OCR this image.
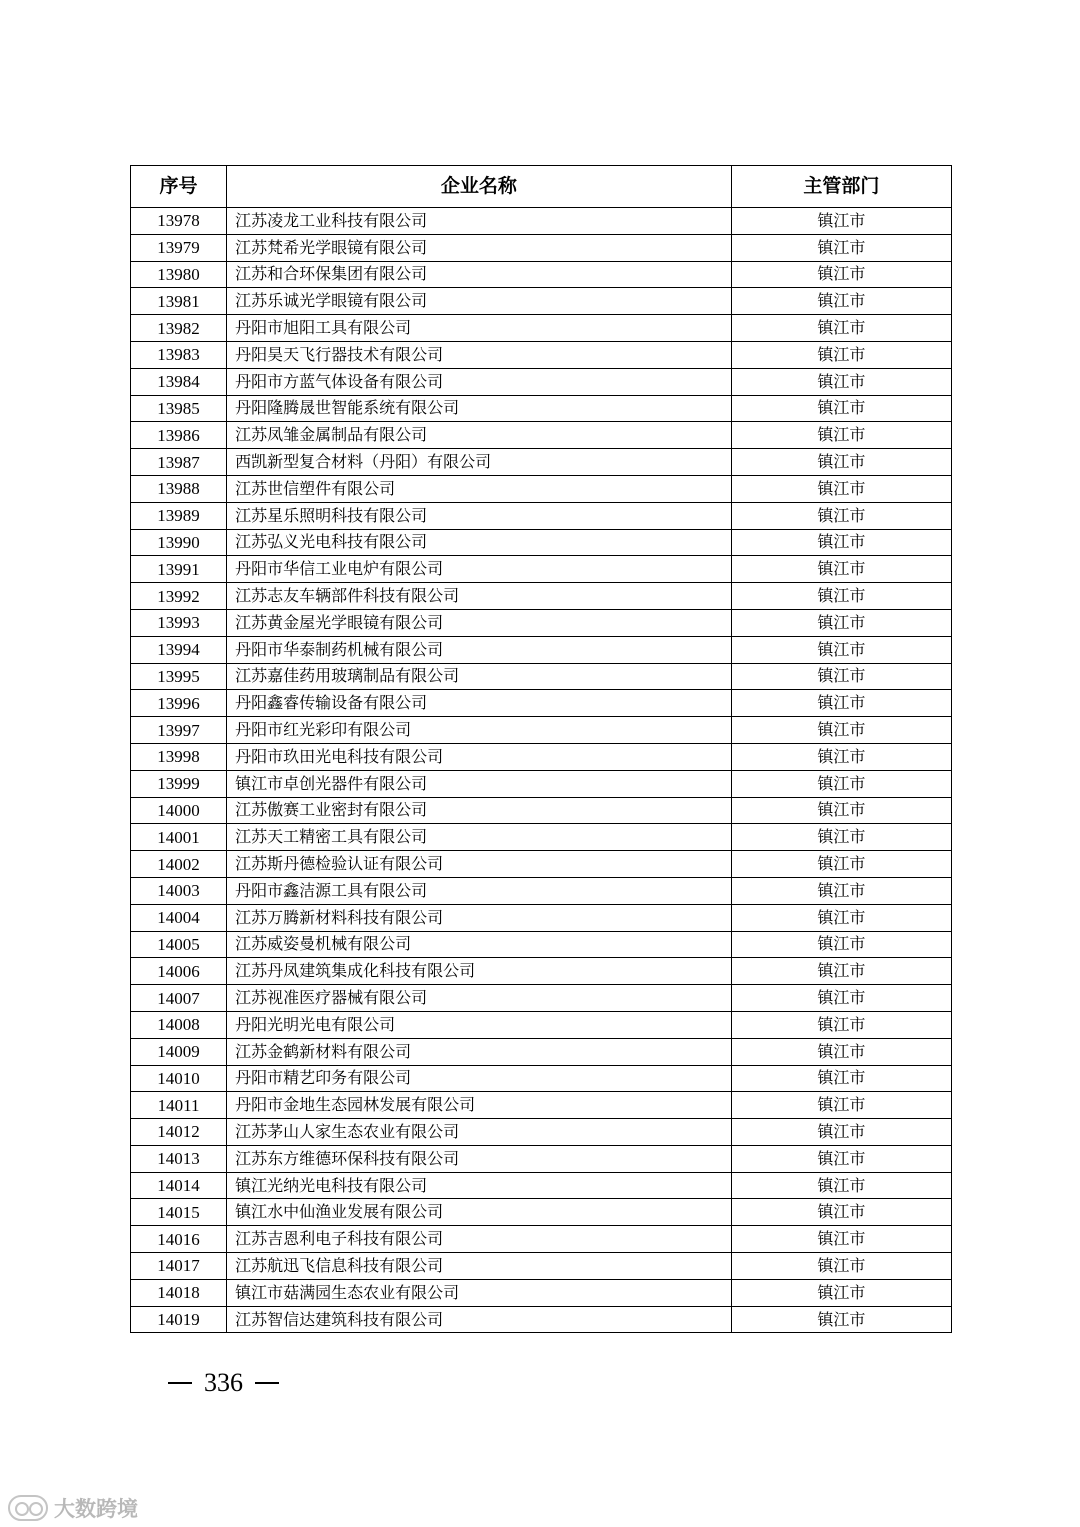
序号	企业名称	主管部门
13978	江苏凌龙工业科技有限公司	镇江市
13979	江苏梵希光学眼镜有限公司	镇江市
13980	江苏和合环保集团有限公司	镇江市
13981	江苏乐诚光学眼镜有限公司	镇江市
13982	丹阳市旭阳工具有限公司	镇江市
13983	丹阳昊天飞行器技术有限公司	镇江市
13984	丹阳市方蓝气体设备有限公司	镇江市
13985	丹阳隆腾晟世智能系统有限公司	镇江市
13986	江苏凤雏金属制品有限公司	镇江市
13987	西凯新型复合材料（丹阳）有限公司	镇江市
13988	江苏世信塑件有限公司	镇江市
13989	江苏星乐照明科技有限公司	镇江市
13990	江苏弘义光电科技有限公司	镇江市
13991	丹阳市华信工业电炉有限公司	镇江市
13992	江苏志友车辆部件科技有限公司	镇江市
13993	江苏黄金屋光学眼镜有限公司	镇江市
13994	丹阳市华泰制药机械有限公司	镇江市
13995	江苏嘉佳药用玻璃制品有限公司	镇江市
13996	丹阳鑫睿传输设备有限公司	镇江市
13997	丹阳市红光彩印有限公司	镇江市
13998	丹阳市玖田光电科技有限公司	镇江市
13999	镇江市卓创光器件有限公司	镇江市
14000	江苏傲赛工业密封有限公司	镇江市
14001	江苏天工精密工具有限公司	镇江市
14002	江苏斯丹德检验认证有限公司	镇江市
14003	丹阳市鑫洁源工具有限公司	镇江市
14004	江苏万腾新材料科技有限公司	镇江市
14005	江苏威姿曼机械有限公司	镇江市
14006	江苏丹凤建筑集成化科技有限公司	镇江市
14007	江苏视准医疗器械有限公司	镇江市
14008	丹阳光明光电有限公司	镇江市
14009	江苏金鹤新材料有限公司	镇江市
14010	丹阳市精艺印务有限公司	镇江市
14011	丹阳市金地生态园林发展有限公司	镇江市
14012	江苏茅山人家生态农业有限公司	镇江市
14013	江苏东方维德环保科技有限公司	镇江市
14014	镇江光纳光电科技有限公司	镇江市
14015	镇江水中仙渔业发展有限公司	镇江市
14016	江苏吉恩利电子科技有限公司	镇江市
14017	江苏航迅飞信息科技有限公司	镇江市
14018	镇江市菇满园生态农业有限公司	镇江市
14019	江苏智信达建筑科技有限公司	镇江市
336
大数跨境
